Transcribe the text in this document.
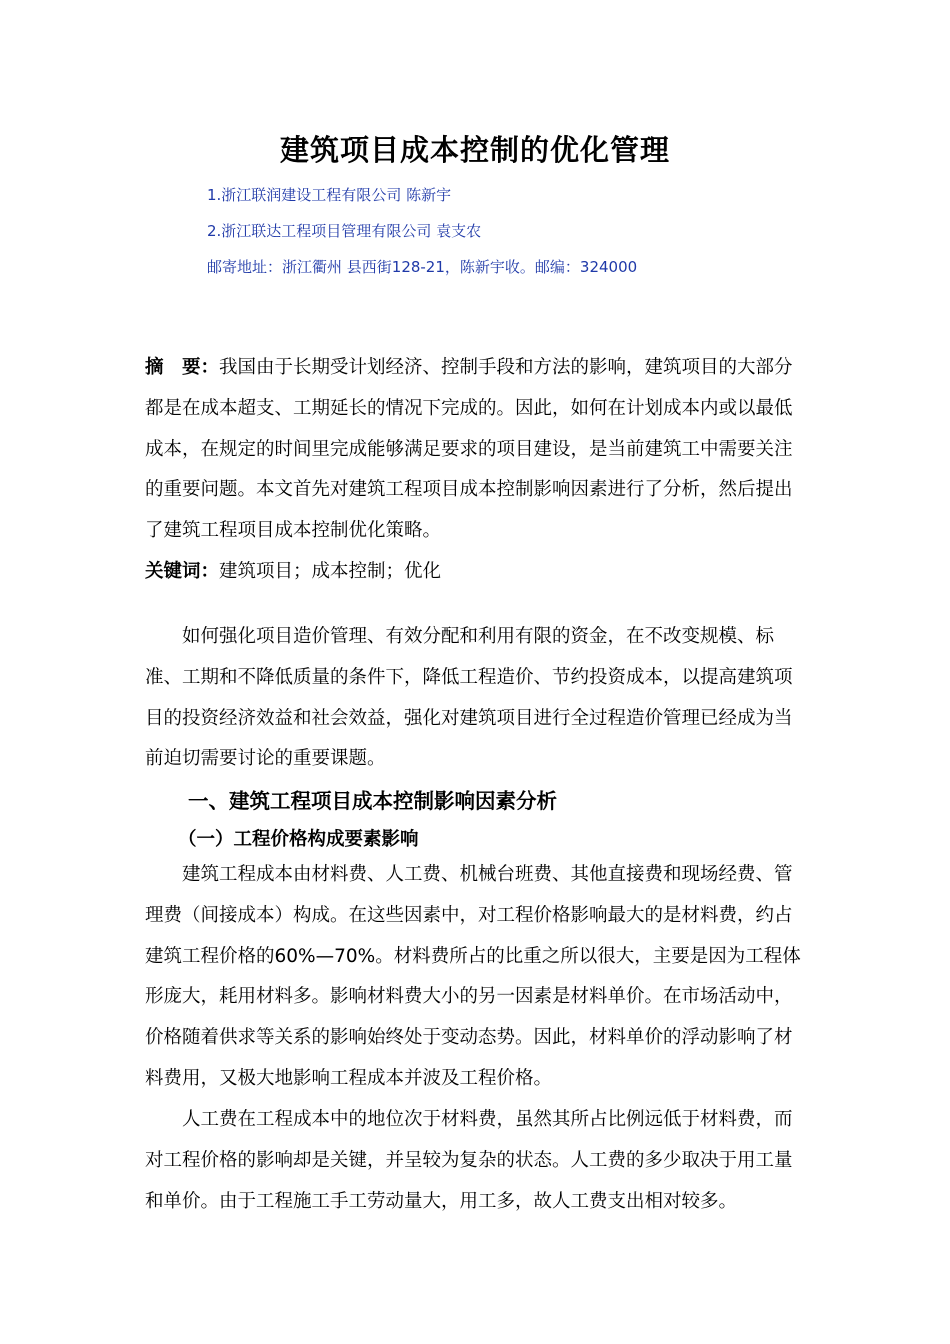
建筑项目成本控制的优化管理
1.浙江联润建设工程有限公司 陈新宇
2.浙江联达工程项目管理有限公司 袁支农
邮寄地址：浙江衢州 县西街128-21，陈新宇收。邮编：324000

摘　要：我国由于长期受计划经济、控制手段和方法的影响，建筑项目的大部分都是在成本超支、工期延长的情况下完成的。因此，如何在计划成本内或以最低成本，在规定的时间里完成能够满足要求的项目建设，是当前建筑工中需要关注的重要问题。本文首先对建筑工程项目成本控制影响因素进行了分析，然后提出了建筑工程项目成本控制优化策略。

关键词：建筑项目；成本控制；优化

如何强化项目造价管理、有效分配和利用有限的资金，在不改变规模、标准、工期和不降低质量的条件下，降低工程造价、节约投资成本，以提高建筑项目的投资经济效益和社会效益，强化对建筑项目进行全过程造价管理已经成为当前迫切需要讨论的重要课题。

一、建筑工程项目成本控制影响因素分析
（一）工程价格构成要素影响

建筑工程成本由材料费、人工费、机械台班费、其他直接费和现场经费、管理费（间接成本）构成。在这些因素中，对工程价格影响最大的是材料费，约占建筑工程价格的60%—70%。材料费所占的比重之所以很大，主要是因为工程体形庞大，耗用材料多。影响材料费大小的另一因素是材料单价。在市场活动中，价格随着供求等关系的影响始终处于变动态势。因此，材料单价的浮动影响了材料费用，又极大地影响工程成本并波及工程价格。

人工费在工程成本中的地位次于材料费，虽然其所占比例远低于材料费，而对工程价格的影响却是关键，并呈较为复杂的状态。人工费的多少取决于用工量和单价。由于工程施工手工劳动量大，用工多，故人工费支出相对较多。
